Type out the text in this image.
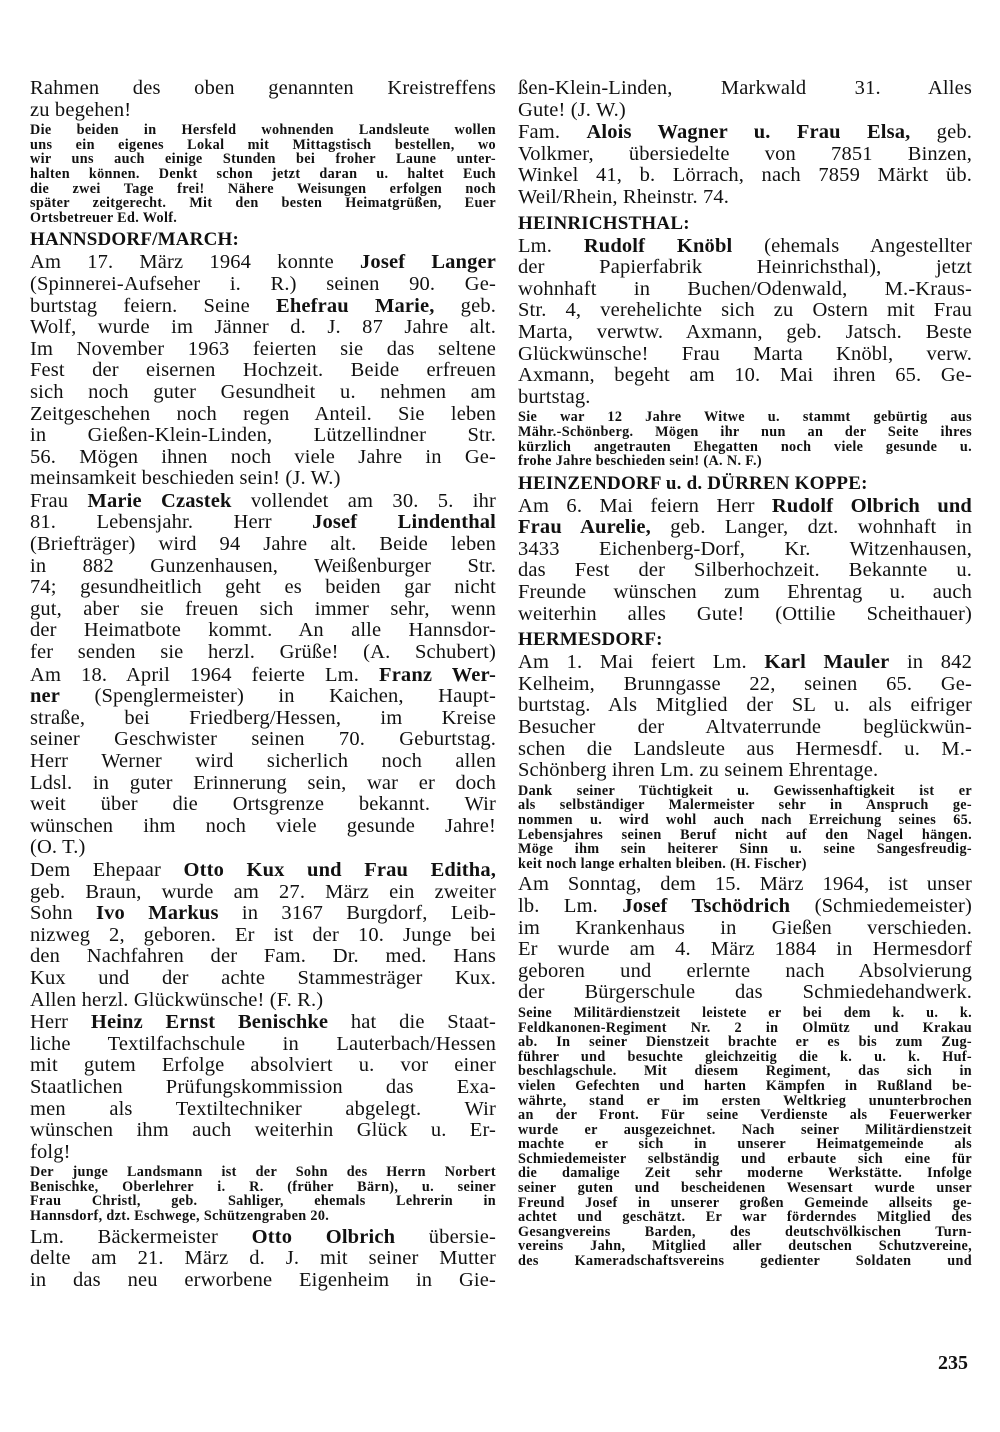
Rahmen des oben genannten Kreistreffens
zu begehen!
Die beiden in Hersfeld wohnenden Landsleute wollen
uns ein eigenes Lokal mit Mittagstisch bestellen, wo
wir uns auch einige Stunden bei froher Laune unter-
halten können. Denkt schon jetzt daran u. haltet Euch
die zwei Tage frei! Nähere Weisungen erfolgen noch
später zeitgerecht. Mit den besten Heimatgrüßen, Euer
Ortsbetreuer Ed. Wolf.
HANNSDORF/MARCH:
Am 17. März 1964 konnte Josef Langer
(Spinnerei-Aufseher i. R.) seinen 90. Ge-
burtstag feiern. Seine Ehefrau Marie, geb.
Wolf, wurde im Jänner d. J. 87 Jahre alt.
Im November 1963 feierten sie das seltene
Fest der eisernen Hochzeit. Beide erfreuen
sich noch guter Gesundheit u. nehmen am
Zeitgeschehen noch regen Anteil. Sie leben
in Gießen-Klein-Linden, Lützellindner Str.
56. Mögen ihnen noch viele Jahre in Ge-
meinsamkeit beschieden sein! (J. W.)
Frau Marie Czastek vollendet am 30. 5. ihr
81. Lebensjahr. Herr Josef Lindenthal
(Briefträger) wird 94 Jahre alt. Beide leben
in 882 Gunzenhausen, Weißenburger Str.
74; gesundheitlich geht es beiden gar nicht
gut, aber sie freuen sich immer sehr, wenn
der Heimatbote kommt. An alle Hannsdor-
fer senden sie herzl. Grüße! (A. Schubert)
Am 18. April 1964 feierte Lm. Franz Wer-
ner (Spenglermeister) in Kaichen, Haupt-
straße, bei Friedberg/Hessen, im Kreise
seiner Geschwister seinen 70. Geburtstag.
Herr Werner wird sicherlich noch allen
Ldsl. in guter Erinnerung sein, war er doch
weit über die Ortsgrenze bekannt. Wir
wünschen ihm noch viele gesunde Jahre!
(O. T.)
Dem Ehepaar Otto Kux und Frau Editha,
geb. Braun, wurde am 27. März ein zweiter
Sohn Ivo Markus in 3167 Burgdorf, Leib-
nizweg 2, geboren. Er ist der 10. Junge bei
den Nachfahren der Fam. Dr. med. Hans
Kux und der achte Stammesträger Kux.
Allen herzl. Glückwünsche! (F. R.)
Herr Heinz Ernst Benischke hat die Staat-
liche Textilfachschule in Lauterbach/Hessen
mit gutem Erfolge absolviert u. vor einer
Staatlichen Prüfungskommission das Exa-
men als Textiltechniker abgelegt. Wir
wünschen ihm auch weiterhin Glück u. Er-
folg!
Der junge Landsmann ist der Sohn des Herrn Norbert
Benischke, Oberlehrer i. R. (früher Bärn), u. seiner
Frau Christl, geb. Sahliger, ehemals Lehrerin in
Hannsdorf, dzt. Eschwege, Schützengraben 20.
Lm. Bäckermeister Otto Olbrich übersie-
delte am 21. März d. J. mit seiner Mutter
in das neu erworbene Eigenheim in Gie-
ßen-Klein-Linden, Markwald 31. Alles
Gute! (J. W.)
Fam. Alois Wagner u. Frau Elsa, geb.
Volkmer, übersiedelte von 7851 Binzen,
Winkel 41, b. Lörrach, nach 7859 Märkt üb.
Weil/Rhein, Rheinstr. 74.
HEINRICHSTHAL:
Lm. Rudolf Knöbl (ehemals Angestellter
der Papierfabrik Heinrichsthal), jetzt
wohnhaft in Buchen/Odenwald, M.-Kraus-
Str. 4, verehelichte sich zu Ostern mit Frau
Marta, verwtw. Axmann, geb. Jatsch. Beste
Glückwünsche! Frau Marta Knöbl, verw.
Axmann, begeht am 10. Mai ihren 65. Ge-
burtstag.
Sie war 12 Jahre Witwe u. stammt gebürtig aus
Mähr.-Schönberg. Mögen ihr nun an der Seite ihres
kürzlich angetrauten Ehegatten noch viele gesunde u.
frohe Jahre beschieden sein! (A. N. F.)
HEINZENDORF u. d. DÜRREN KOPPE:
Am 6. Mai feiern Herr Rudolf Olbrich und
Frau Aurelie, geb. Langer, dzt. wohnhaft in
3433 Eichenberg-Dorf, Kr. Witzenhausen,
das Fest der Silberhochzeit. Bekannte u.
Freunde wünschen zum Ehrentag u. auch
weiterhin alles Gute! (Ottilie Scheithauer)
HERMESDORF:
Am 1. Mai feiert Lm. Karl Mauler in 842
Kelheim, Brunngasse 22, seinen 65. Ge-
burtstag. Als Mitglied der SL u. als eifriger
Besucher der Altvaterrunde beglückwün-
schen die Landsleute aus Hermesdf. u. M.-
Schönberg ihren Lm. zu seinem Ehrentage.
Dank seiner Tüchtigkeit u. Gewissenhaftigkeit ist er
als selbständiger Malermeister sehr in Anspruch ge-
nommen u. wird wohl auch nach Erreichung seines 65.
Lebensjahres seinen Beruf nicht auf den Nagel hängen.
Möge ihm sein heiterer Sinn u. seine Sangesfreudig-
keit noch lange erhalten bleiben. (H. Fischer)
Am Sonntag, dem 15. März 1964, ist unser
lb. Lm. Josef Tschödrich (Schmiedemeister)
im Krankenhaus in Gießen verschieden.
Er wurde am 4. März 1884 in Hermesdorf
geboren und erlernte nach Absolvierung
der Bürgerschule das Schmiedehandwerk.
Seine Militärdienstzeit leistete er bei dem k. u. k.
Feldkanonen-Regiment Nr. 2 in Olmütz und Krakau
ab. In seiner Dienstzeit brachte er es bis zum Zug-
führer und besuchte gleichzeitig die k. u. k. Huf-
beschlagschule. Mit diesem Regiment, das sich in
vielen Gefechten und harten Kämpfen in Rußland be-
währte, stand er im ersten Weltkrieg ununterbrochen
an der Front. Für seine Verdienste als Feuerwerker
wurde er ausgezeichnet. Nach seiner Militärdienstzeit
machte er sich in unserer Heimatgemeinde als
Schmiedemeister selbständig und erbaute sich eine für
die damalige Zeit sehr moderne Werkstätte. Infolge
seiner guten und bescheidenen Wesensart wurde unser
Freund Josef in unserer großen Gemeinde allseits ge-
achtet und geschätzt. Er war förderndes Mitglied des
Gesangvereins Barden, des deutschvölkischen Turn-
vereins Jahn, Mitglied aller deutschen Schutzvereine,
des Kameradschaftsvereins gedienter Soldaten und
235
